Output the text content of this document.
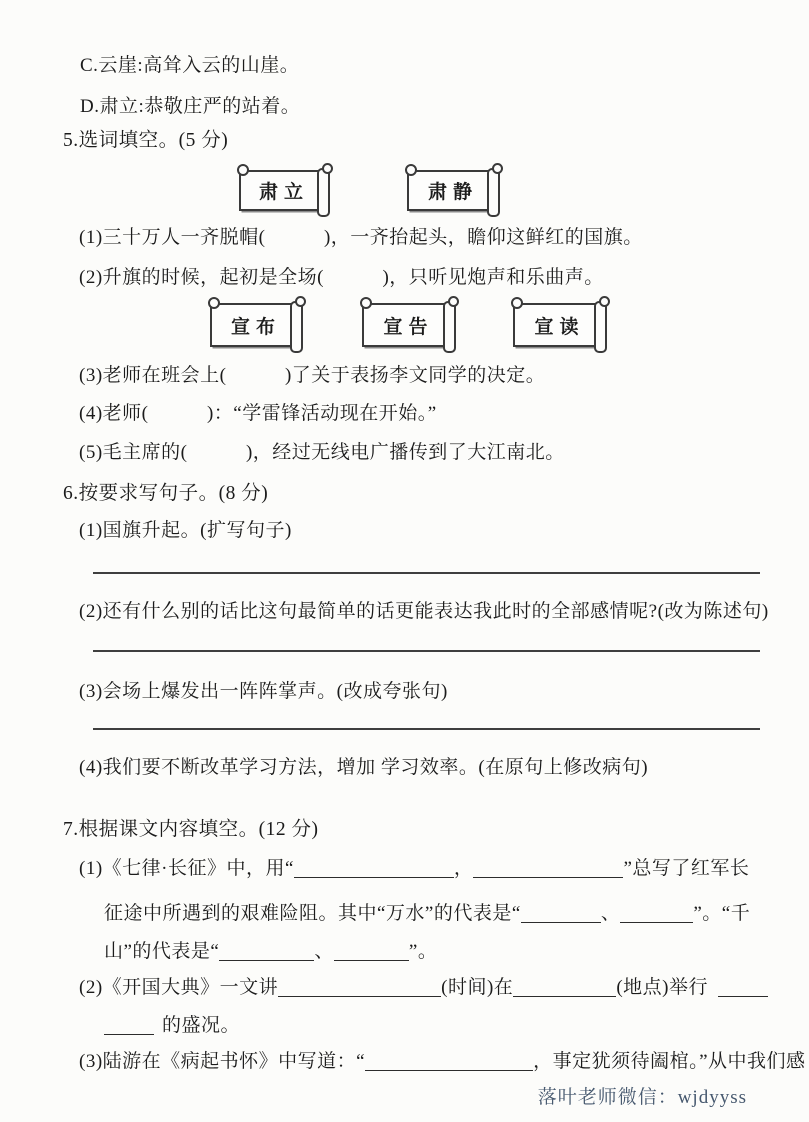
C.云崖:高耸入云的山崖。
D.肃立:恭敬庄严的站着。
5.选词填空。(5 分)
肃立	肃静
(1)三十万人一齐脱帽(　　　)，一齐抬起头，瞻仰这鲜红的国旗。
(2)升旗的时候，起初是全场(　　　)，只听见炮声和乐曲声。
宣布	宣告	宣读
(3)老师在班会上(　　　)了关于表扬李文同学的决定。
(4)老师(　　　)：“学雷锋活动现在开始。”
(5)毛主席的(　　　)，经过无线电广播传到了大江南北。
6.按要求写句子。(8 分)
(1)国旗升起。(扩写句子)
(2)还有什么别的话比这句最简单的话更能表达我此时的全部感情呢?(改为陈述句)
(3)会场上爆发出一阵阵掌声。(改成夸张句)
(4)我们要不断改革学习方法，增加 学习效率。(在原句上修改病句)
7.根据课文内容填空。(12 分)
(1)《七律·长征》中，用“	，	”总写了红军长
征途中所遇到的艰难险阻。其中“万水”的代表是“	、	”。“千
山”的代表是“	、	”。
(2)《开国大典》一文讲	(时间)在	(地点)举行
的盛况。
(3)陆游在《病起书怀》中写道：“	，事定犹须待阖棺。”从中我们感
落叶老师微信：wjdyyss
